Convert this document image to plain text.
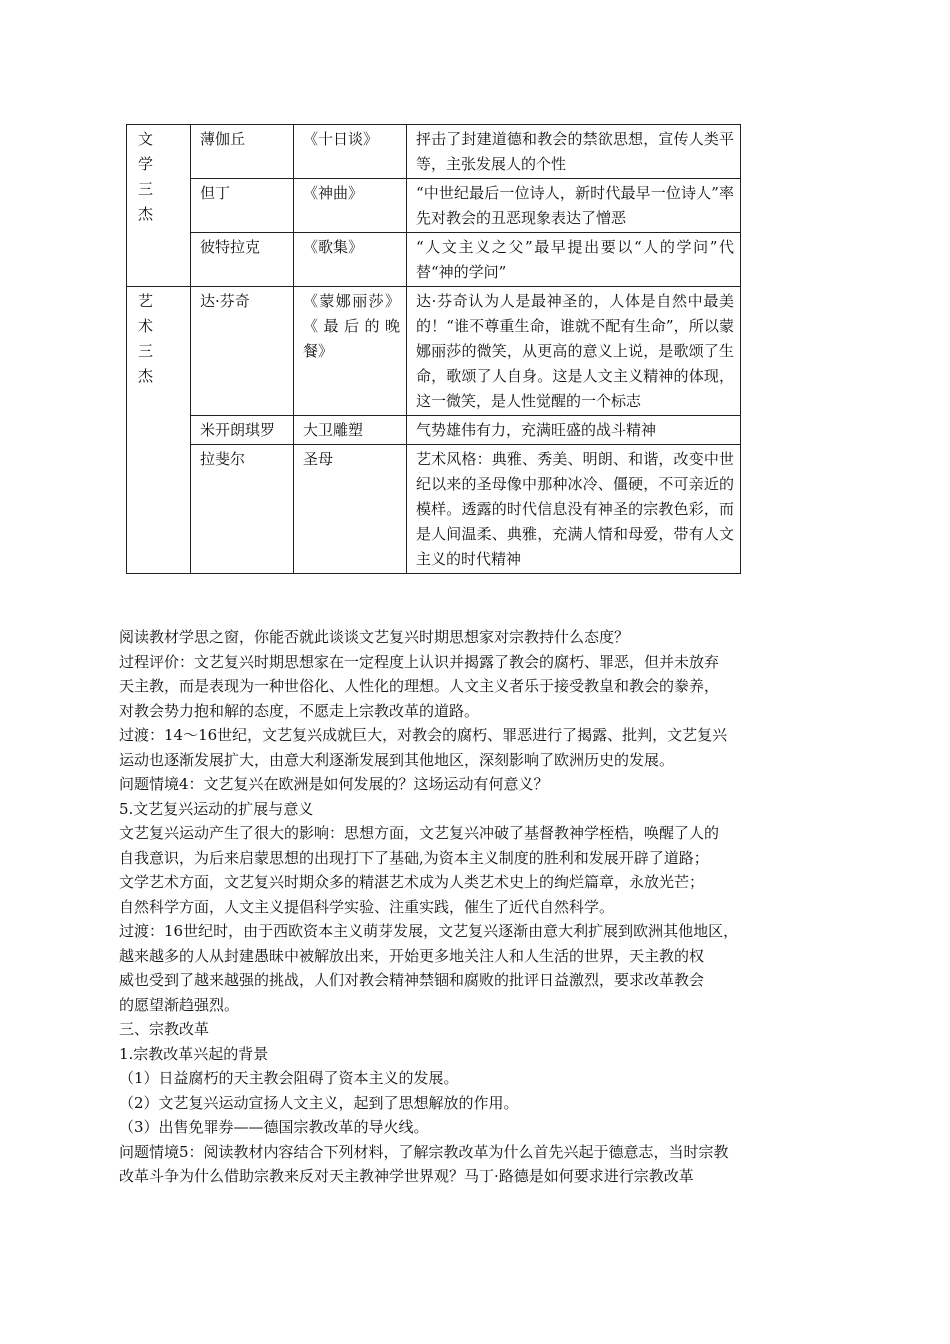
文学三杰	薄伽丘	《十日谈》	抨击了封建道德和教会的禁欲思想，宣传人类平等，主张发展人的个性
	但丁	《神曲》	“中世纪最后一位诗人，新时代最早一位诗人”率先对教会的丑恶现象表达了憎恶
	彼特拉克	《歌集》	“人文主义之父”最早提出要以“人的学问”代替“神的学问”

艺术三杰	达·芬奇	《蒙娜丽莎》《最后的晚餐》	达·芬奇认为人是最神圣的，人体是自然中最美的！“谁不尊重生命，谁就不配有生命”，所以蒙娜丽莎的微笑，从更高的意义上说，是歌颂了生命，歌颂了人自身。这是人文主义精神的体现，这一微笑，是人性觉醒的一个标志
	米开朗琪罗	大卫雕塑	气势雄伟有力，充满旺盛的战斗精神
	拉斐尔	圣母	艺术风格：典雅、秀美、明朗、和谐，改变中世纪以来的圣母像中那种冰冷、僵硬，不可亲近的模样。透露的时代信息没有神圣的宗教色彩，而是人间温柔、典雅，充满人情和母爱，带有人文主义的时代精神

阅读教材学思之窗，你能否就此谈谈文艺复兴时期思想家对宗教持什么态度？

过程评价：文艺复兴时期思想家在一定程度上认识并揭露了教会的腐朽、罪恶，但并未放弃
天主教，而是表现为一种世俗化、人性化的理想。人文主义者乐于接受教皇和教会的豢养，
对教会势力抱和解的态度，不愿走上宗教改革的道路。

过渡：14～16世纪，文艺复兴成就巨大，对教会的腐朽、罪恶进行了揭露、批判，文艺复兴
运动也逐渐发展扩大，由意大利逐渐发展到其他地区，深刻影响了欧洲历史的发展。

问题情境4：文艺复兴在欧洲是如何发展的？这场运动有何意义？

5.文艺复兴运动的扩展与意义

文艺复兴运动产生了很大的影响：思想方面，文艺复兴冲破了基督教神学桎梏，唤醒了人的
自我意识，为后来启蒙思想的出现打下了基础,为资本主义制度的胜利和发展开辟了道路；
文学艺术方面，文艺复兴时期众多的精湛艺术成为人类艺术史上的绚烂篇章，永放光芒；
自然科学方面，人文主义提倡科学实验、注重实践，催生了近代自然科学。

过渡：16世纪时，由于西欧资本主义萌芽发展，文艺复兴逐渐由意大利扩展到欧洲其他地区，
越来越多的人从封建愚昧中被解放出来，开始更多地关注人和人生活的世界，天主教的权
威也受到了越来越强的挑战，人们对教会精神禁锢和腐败的批评日益激烈，要求改革教会
的愿望渐趋强烈。

三、宗教改革

1.宗教改革兴起的背景

（1）日益腐朽的天主教会阻碍了资本主义的发展。

（2）文艺复兴运动宣扬人文主义，起到了思想解放的作用。

（3）出售免罪券——德国宗教改革的导火线。

问题情境5：阅读教材内容结合下列材料，了解宗教改革为什么首先兴起于德意志，当时宗教
改革斗争为什么借助宗教来反对天主教神学世界观？马丁·路德是如何要求进行宗教改革
